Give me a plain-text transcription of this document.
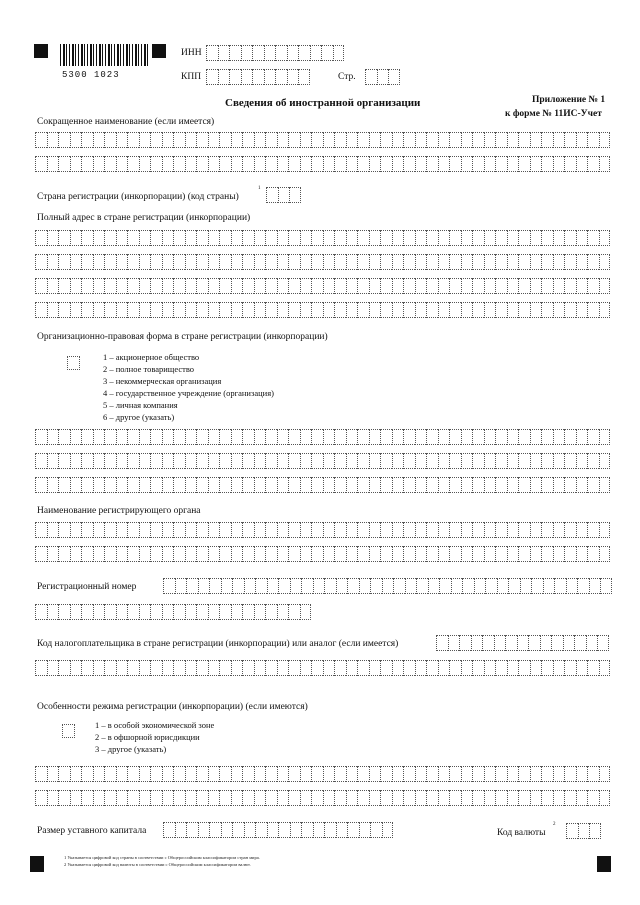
5300 1023
ИНН
КПП	Стр.
Сведения об иностранной организации	Приложение № 1
к форме № 11ИС-Учет
Сокращенное наименование (если имеется)
Страна регистрации (инкорпорации) (код страны)
1
Полный адрес в стране регистрации (инкорпорации)
Организационно-правовая форма в стране регистрации (инкорпорации)
1 – акционерное общество
2 – полное товарищество
3 – некоммерческая организация
4 – государственное учреждение (организация)
5 – личная компания
6 – другое (указать)
Наименование регистрирующего органа
Регистрационный номер
Код налогоплательщика в стране регистрации (инкорпорации) или аналог (если имеется)
Особенности режима регистрации (инкорпорации) (если имеются)
1 – в особой экономической зоне
2 – в офшорной юрисдикции
3 – другое (указать)
Размер уставного капитала	Код валюты
2
1 Указывается цифровой код страны в соответствии с Общероссийским классификатором стран мира.
2 Указывается цифровой код валюты в соответствии с Общероссийским классификатором валют.
